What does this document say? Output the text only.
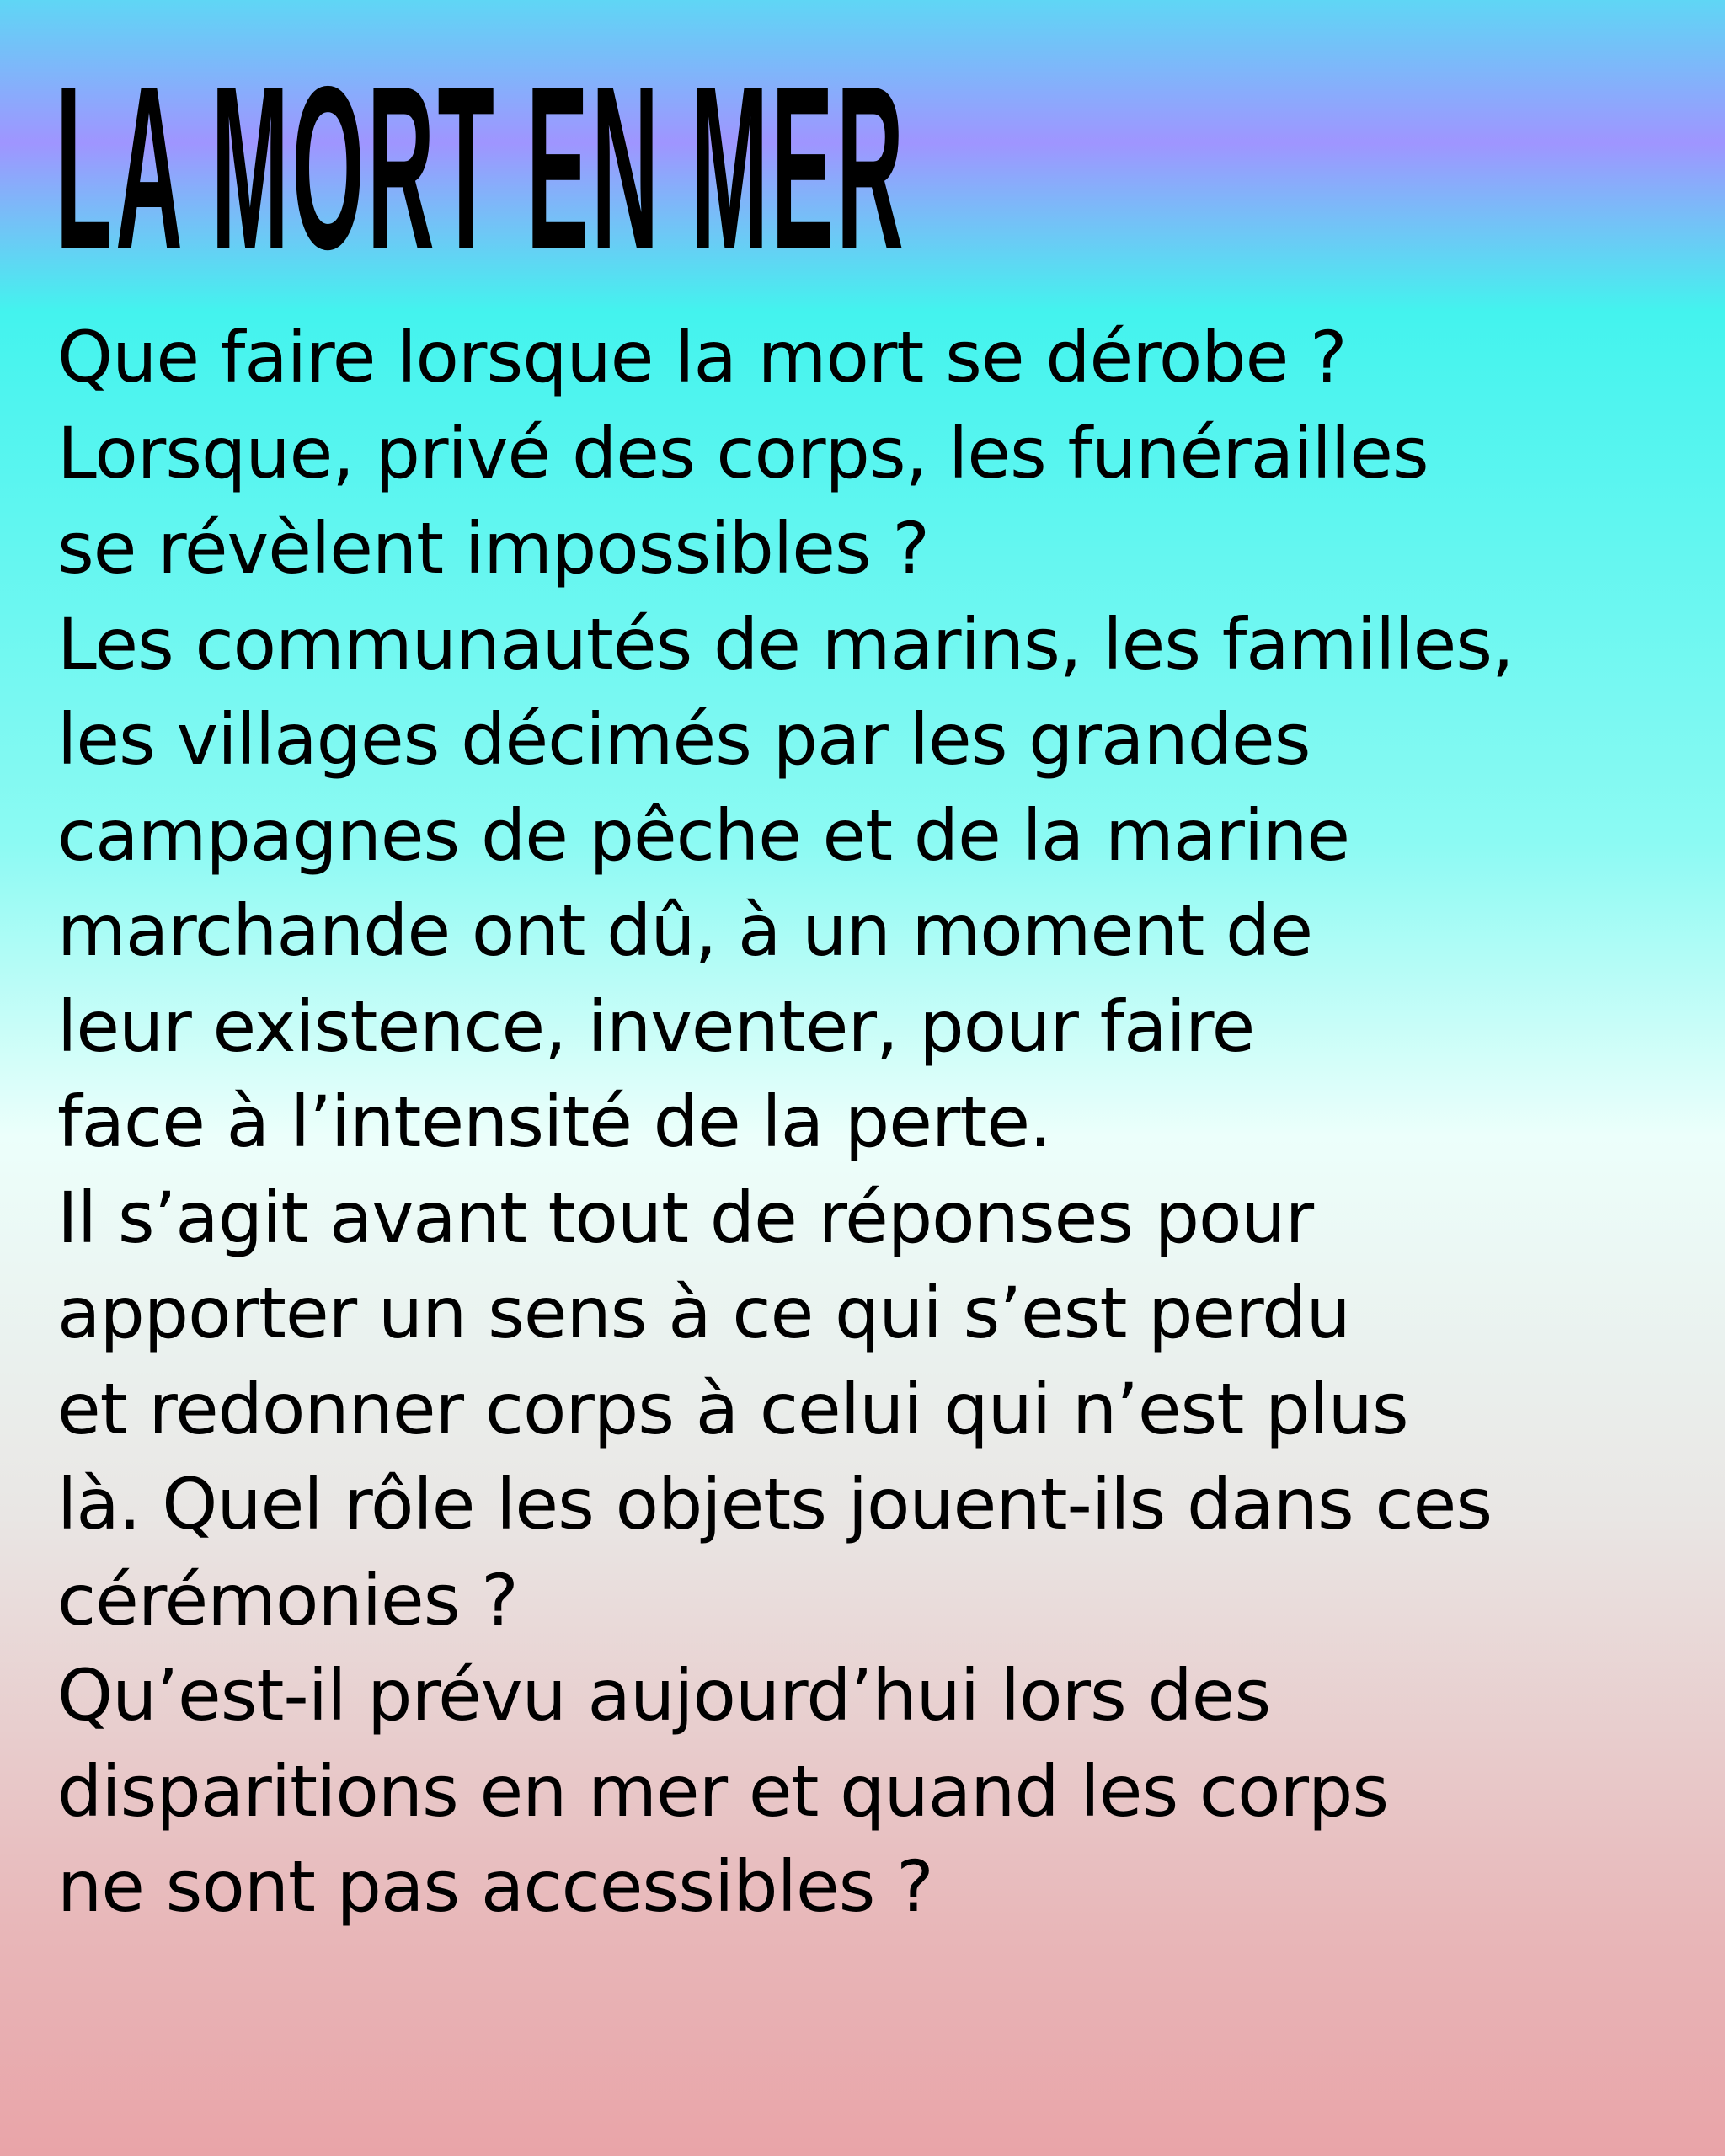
LA MORT EN MER
Que faire lorsque la mort se dérobe ?
Lorsque, privé des corps, les funérailles
se révèlent impossibles ?
Les communautés de marins, les familles,
les villages décimés par les grandes
campagnes de pêche et de la marine
marchande ont dû, à un moment de
leur existence, inventer, pour faire
face à l’intensité de la perte.
Il s’agit avant tout de réponses pour
apporter un sens à ce qui s’est perdu
et redonner corps à celui qui n’est plus
là. Quel rôle les objets jouent-ils dans ces
cérémonies ?
Qu’est-il prévu aujourd’hui lors des
disparitions en mer et quand les corps
ne sont pas accessibles ?
